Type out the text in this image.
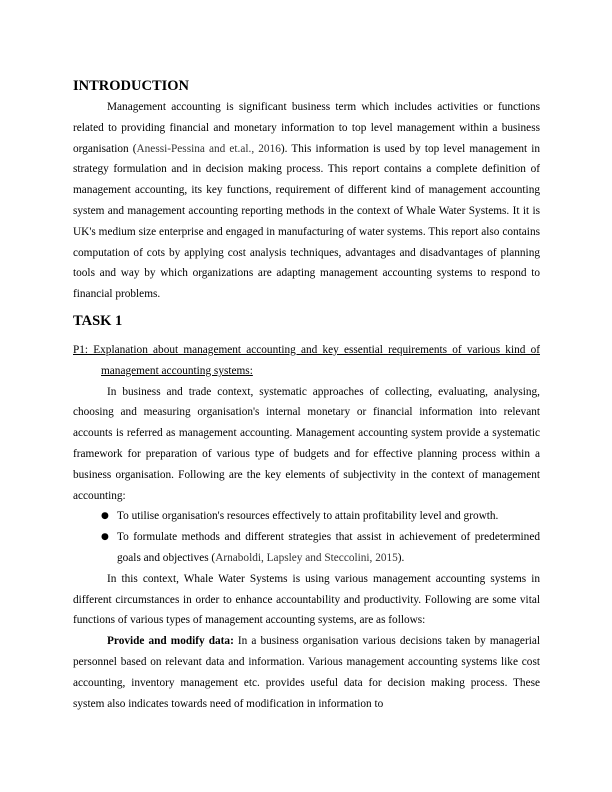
INTRODUCTION

Management accounting is significant business term which includes activities or functions related to providing financial and monetary information to top level management within a business organisation (Anessi-Pessina and et.al., 2016). This information is used by top level management in strategy formulation and in decision making process. This report contains a complete definition of management accounting, its key functions, requirement of different kind of management accounting system and management accounting reporting methods in the context of Whale Water Systems. It it is UK's medium size enterprise and engaged in manufacturing of water systems. This report also contains computation of cots by applying cost analysis techniques, advantages and disadvantages of planning tools and way by which organizations are adapting management accounting systems to respond to financial problems.

TASK 1

P1: Explanation about management accounting and key essential requirements of various kind of management accounting systems:

In business and trade context, systematic approaches of collecting, evaluating, analysing, choosing and measuring organisation's internal monetary or financial information into relevant accounts is referred as management accounting. Management accounting system provide a systematic framework for preparation of various type of budgets and for effective planning process within a business organisation. Following are the key elements of subjectivity in the context of management accounting:

● To utilise organisation's resources effectively to attain profitability level and growth.
● To formulate methods and different strategies that assist in achievement of predetermined goals and objectives (Arnaboldi, Lapsley and Steccolini, 2015).

In this context, Whale Water Systems is using various management accounting systems in different circumstances in order to enhance accountability and productivity. Following are some vital functions of various types of management accounting systems, are as follows:

Provide and modify data: In a business organisation various decisions taken by managerial personnel based on relevant data and information. Various management accounting systems like cost accounting, inventory management etc. provides useful data for decision making process. These system also indicates towards need of modification in information to
